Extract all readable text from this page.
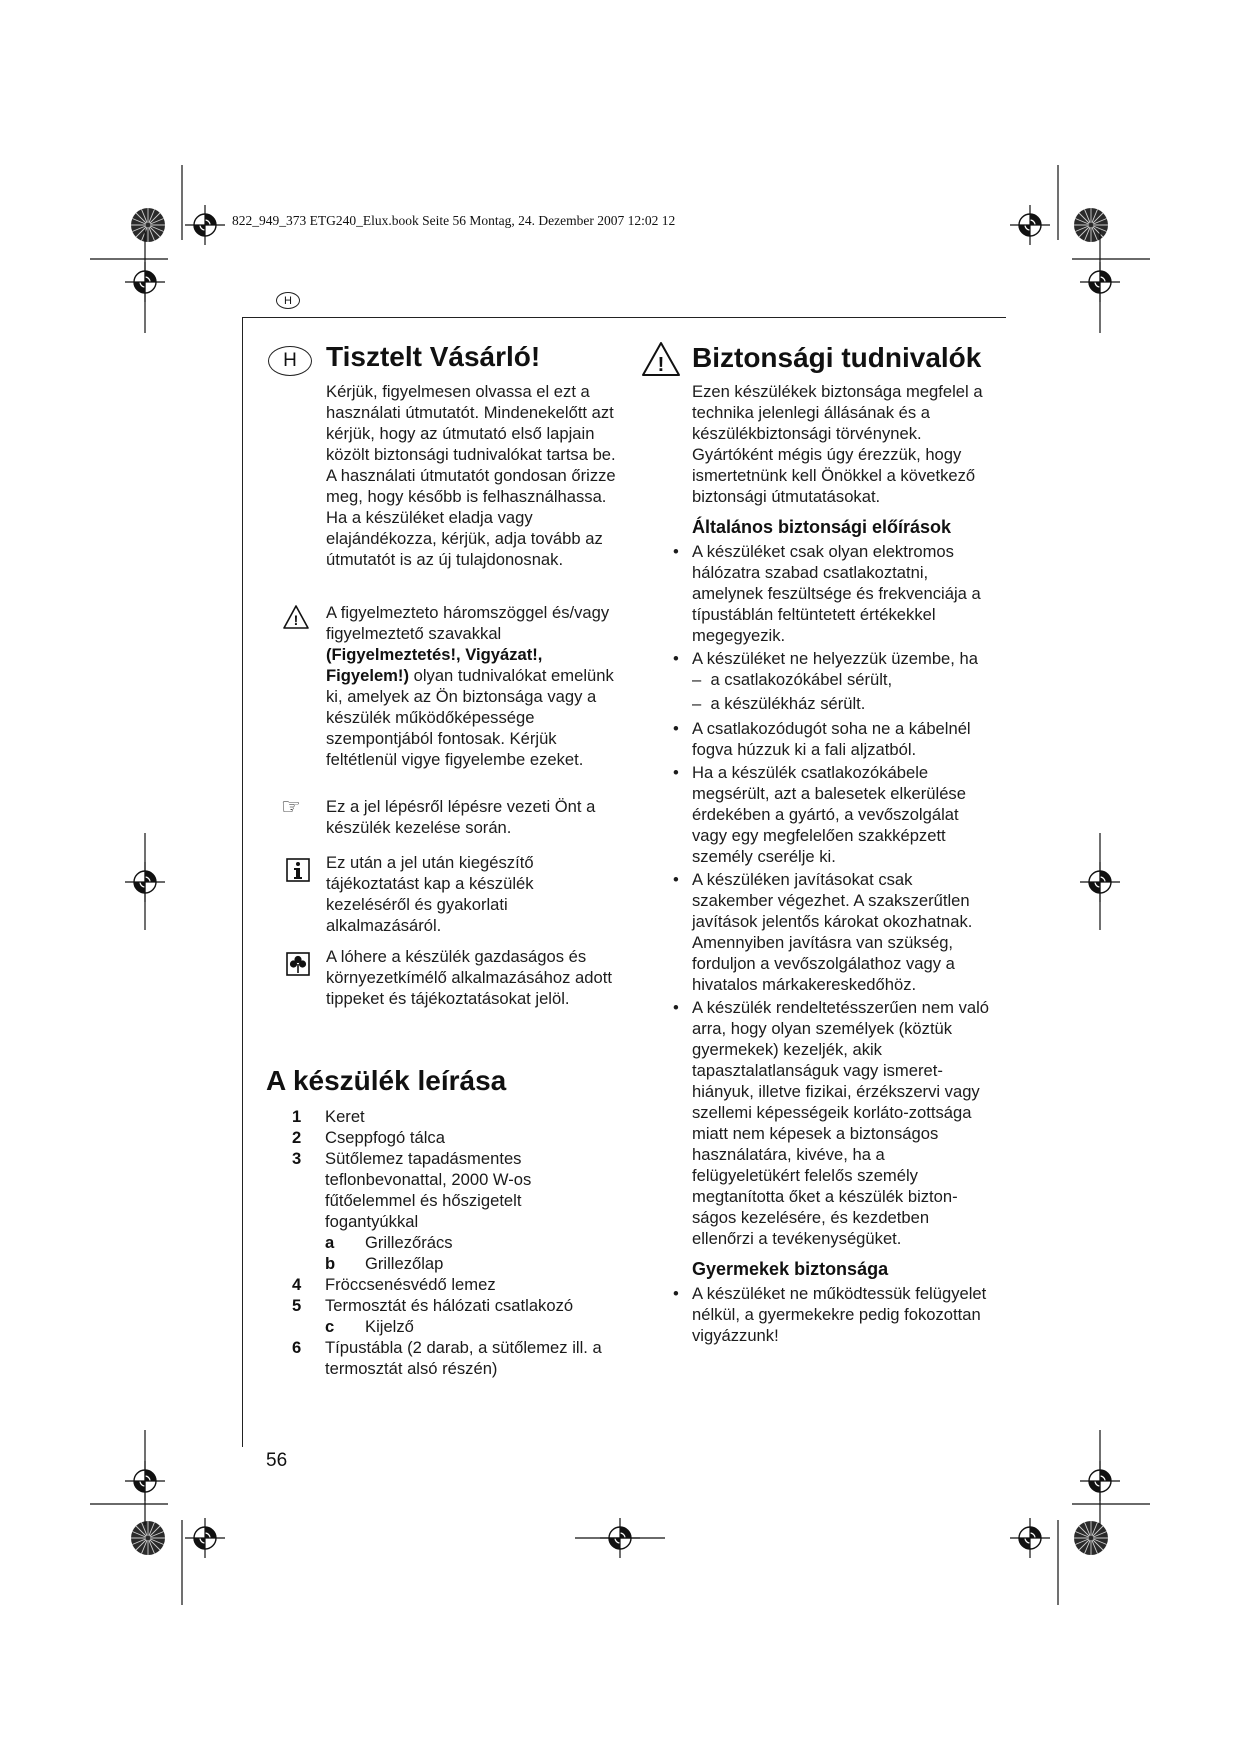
822_949_373 ETG240_Elux.book Seite 56 Montag, 24. Dezember 2007 12:02 12
H
H	Tisztelt Vásárló!

Kérjük, figyelmesen olvassa el ezt a használati útmutatót. Mindenekelőtt azt kérjük, hogy az útmutató első lapjain közölt biztonsági tudnivalókat tartsa be. A használati útmutatót gondosan őrizze meg, hogy később is felhasználhassa. Ha a készüléket eladja vagy elajándékozza, kérjük, adja tovább az útmutatót is az új tulajdonosnak.

! A figyelmezteto háromszöggel és/vagy figyelmeztető szavakkal (Figyelmeztetés!, Vigyázat!, Figyelem!) olyan tudnivalókat emelünk ki, amelyek az Ön biztonsága vagy a készülék működőképessége szempontjából fontosak. Kérjük feltétlenül vigye figyelembe ezeket.

☞ Ez a jel lépésről lépésre vezeti Önt a készülék kezelése során.

Ez után a jel után kiegészítő tájékoztatást kap a készülék kezeléséről és gyakorlati alkalmazásáról.

A lóhere a készülék gazdaságos és környezetkímélő alkalmazásához adott tippeket és tájékoztatásokat jelöl.

A készülék leírása
1	Keret
2	Cseppfogó tálca
3	Sütőlemez tapadásmentes teflonbevonattal, 2000 W-os fűtőelemmel és hőszigetelt fogantyúkkal
a	Grillezőrács
b	Grillezőlap
4	Fröccsenésvédő lemez
5	Termosztát és hálózati csatlakozó
c	Kijelző
6	Típustábla (2 darab, a sütőlemez ill. a termosztát alsó részén)
! Biztonsági tudnivalók

Ezen készülékek biztonsága megfelel a technika jelenlegi állásának és a készülékbiztonsági törvénynek. Gyártóként mégis úgy érezzük, hogy ismertetnünk kell Önökkel a következő biztonsági útmutatásokat.

Általános biztonsági előírások
• A készüléket csak olyan elektromos hálózatra szabad csatlakoztatni, amelynek feszültsége és frekvenciája a típustáblán feltüntetett értékekkel megegyezik.
• A készüléket ne helyezzük üzembe, ha
–  a csatlakozókábel sérült,
–  a készülékház sérült.
• A csatlakozódugót soha ne a kábelnél fogva húzzuk ki a fali aljzatból.
• Ha a készülék csatlakozókábele megsérült, azt a balesetek elkerülése érdekében a gyártó, a vevőszolgálat vagy egy megfelelően szakképzett személy cserélje ki.
• A készüléken javításokat csak szakember végezhet. A szakszerűtlen javítások jelentős károkat okozhatnak. Amennyiben javításra van szükség, forduljon a vevőszolgálathoz vagy a hivatalos márkakereskedőhöz.
• A készülék rendeltetésszerűen nem való arra, hogy olyan személyek (köztük gyermekek) kezeljék, akik tapasztalatlanságuk vagy ismeret-hiányuk, illetve fizikai, érzékszervi vagy szellemi képességeik korláto-zottsága miatt nem képesek a biztonságos használatára, kivéve, ha a felügyeletükért felelős személy megtanította őket a készülék bizton-ságos kezelésére, és kezdetben ellenőrzi a tevékenységüket.
Gyermekek biztonsága
• A készüléket ne működtessük felügyelet nélkül, a gyermekekre pedig fokozottan vigyázzunk!
56
